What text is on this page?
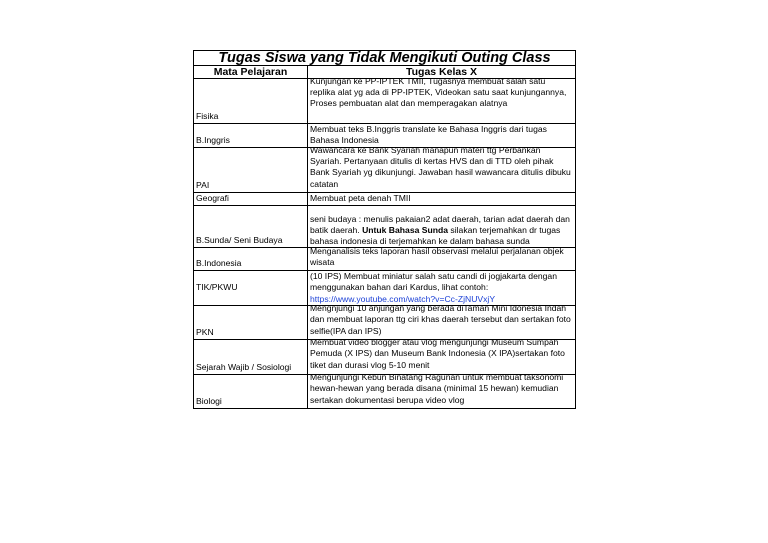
Tugas Siswa yang Tidak Mengikuti Outing Class	
Mata Pelajaran	Tugas Kelas X
Fisika	Kunjungan ke PP-IPTEK TMII, Tugasnya membuat salah satu replika alat yg ada di PP-IPTEK, Videokan satu saat kunjungannya, Proses pembuatan alat dan memperagakan alatnya

B.Inggris	Membuat teks B.Inggris translate ke Bahasa Inggris dari tugas Bahasa Indonesia

PAI	Wawancara ke Bank Syariah manapun materi ttg Perbankan Syariah. Pertanyaan ditulis di kertas HVS dan di TTD oleh pihak Bank Syariah yg dikunjungi. Jawaban hasil wawancara ditulis dibuku catatan

Geografi	Membuat peta denah TMII

B.Sunda/ Seni Budaya	seni budaya : menulis pakaian2 adat daerah, tarian adat daerah dan batik daerah. Untuk Bahasa Sunda silakan terjemahkan dr tugas bahasa indonesia di terjemahkan ke dalam bahasa sunda

B.Indonesia	Menganalisis teks laporan hasil observasi melalui perjalanan objek wisata

TIK/PKWU	(10 IPS) Membuat miniatur salah satu candi di jogjakarta dengan menggunakan bahan dari Kardus, lihat contoh:
https://www.youtube.com/watch?v=Cc-ZjNUVxjY

PKN	Mengnjungi 10 anjungan yang berada diTaman Mini Idonesia Indah dan membuat laporan ttg ciri khas daerah tersebut dan sertakan foto selfie(IPA dan IPS)

Sejarah Wajib / Sosiologi	Membuat video blogger atau vlog mengunjungi Museum Sumpah Pemuda (X IPS) dan Museum Bank Indonesia (X IPA)sertakan foto tiket dan durasi vlog 5-10 menit

Biologi	Mengunjungi Kebun Binatang Ragunan untuk membuat taksonomi hewan-hewan yang berada disana (minimal 15 hewan) kemudian sertakan dokumentasi berupa video vlog
